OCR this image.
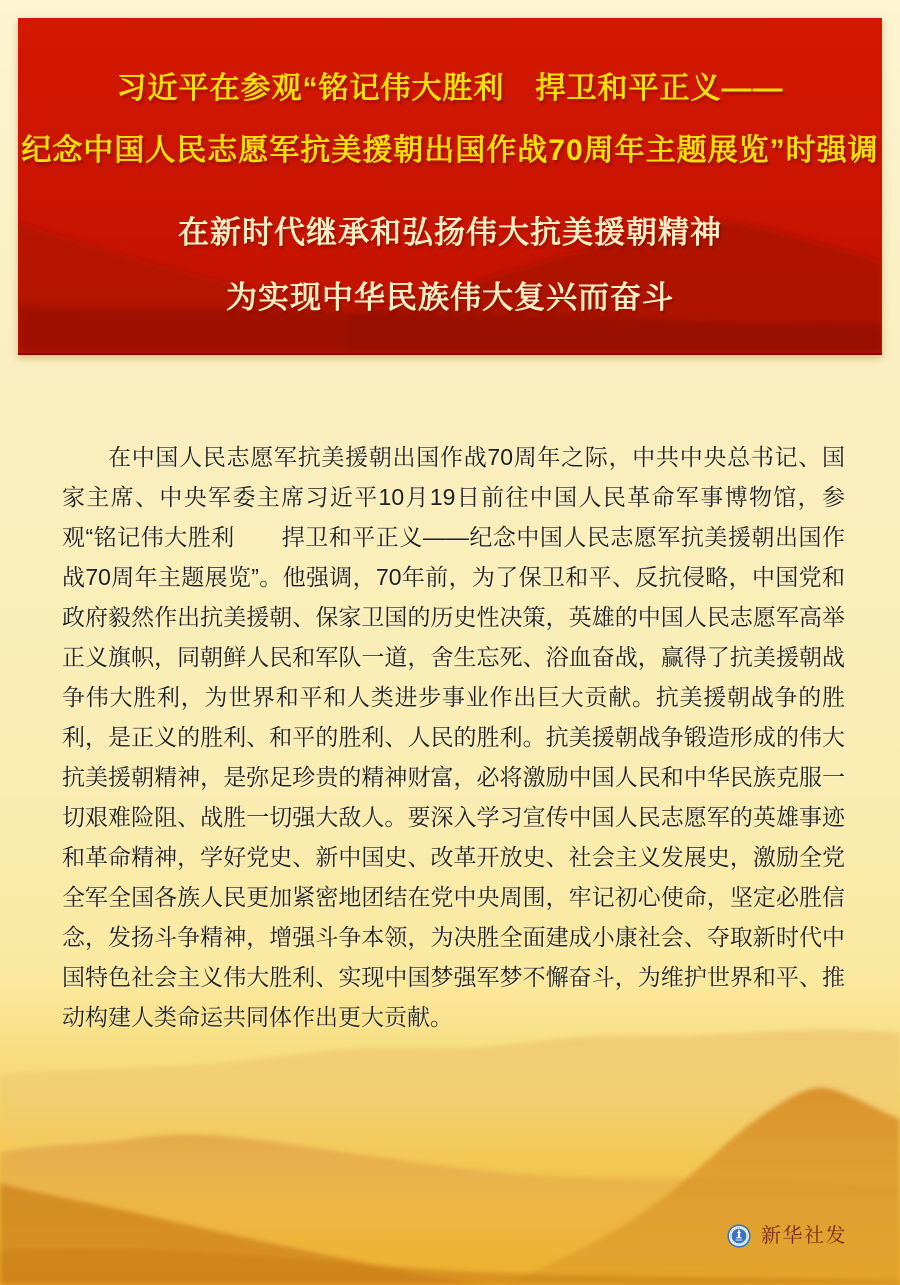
习近平在参观“铭记伟大胜利　捍卫和平正义——
纪念中国人民志愿军抗美援朝出国作战70周年主题展览”时强调
在新时代继承和弘扬伟大抗美援朝精神
为实现中华民族伟大复兴而奋斗

在中国人民志愿军抗美援朝出国作战70周年之际，中共中央总书记、国家主席、中央军委主席习近平10月19日前往中国人民革命军事博物馆，参观“铭记伟大胜利　　捍卫和平正义——纪念中国人民志愿军抗美援朝出国作战70周年主题展览”。他强调，70年前，为了保卫和平、反抗侵略，中国党和政府毅然作出抗美援朝、保家卫国的历史性决策，英雄的中国人民志愿军高举正义旗帜，同朝鲜人民和军队一道，舍生忘死、浴血奋战，赢得了抗美援朝战争伟大胜利，为世界和平和人类进步事业作出巨大贡献。抗美援朝战争的胜利，是正义的胜利、和平的胜利、人民的胜利。抗美援朝战争锻造形成的伟大抗美援朝精神，是弥足珍贵的精神财富，必将激励中国人民和中华民族克服一切艰难险阻、战胜一切强大敌人。要深入学习宣传中国人民志愿军的英雄事迹和革命精神，学好党史、新中国史、改革开放史、社会主义发展史，激励全党全军全国各族人民更加紧密地团结在党中央周围，牢记初心使命，坚定必胜信念，发扬斗争精神，增强斗争本领，为决胜全面建成小康社会、夺取新时代中国特色社会主义伟大胜利、实现中国梦强军梦不懈奋斗，为维护世界和平、推动构建人类命运共同体作出更大贡献。

新华社发
